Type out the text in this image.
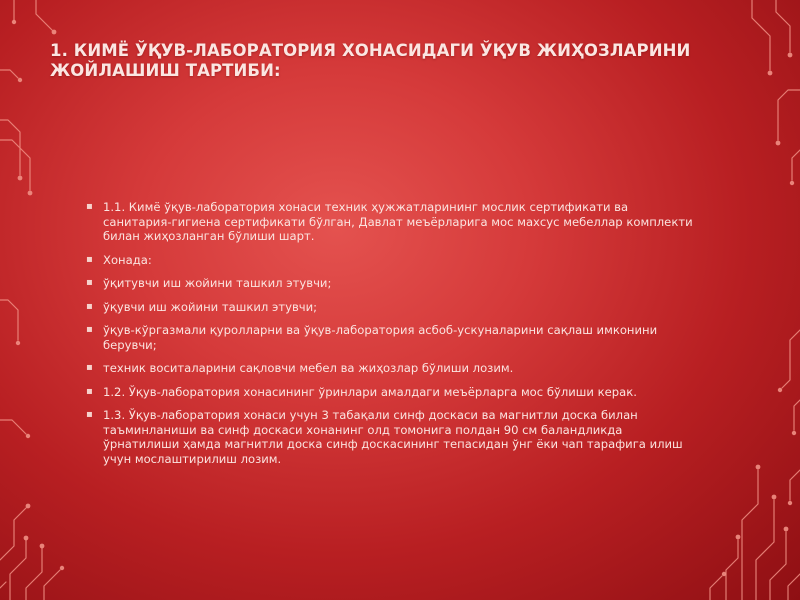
1. КИМЁ ЎҚУВ-ЛАБОРАТОРИЯ ХОНАСИДАГИ ЎҚУВ ЖИҲОЗЛАРИНИ ЖОЙЛАШИШ ТАРТИБИ:
▪ 1.1. Кимё ўқув-лаборатория хонаси техник ҳужжатларининг мослик сертификати ва санитария-гигиена сертификати бўлган, Давлат меъёрларига мос махсус мебеллар комплекти билан жиҳозланган бўлиши шарт.
▪ Хонада:
▪ ўқитувчи иш жойини ташкил этувчи;
▪ ўқувчи иш жойини ташкил этувчи;
▪ ўқув-кўргазмали қуролларни ва ўқув-лаборатория асбоб-ускуналарини сақлаш имконини берувчи;
▪ техник воситаларини сақловчи мебел ва жиҳозлар бўлиши лозим.
▪ 1.2. Ўқув-лаборатория хонасининг ўринлари амалдаги меъёрларга мос бўлиши керак.
▪ 1.3. Ўқув-лаборатория хонаси учун 3 табақали синф доскаси ва магнитли доска билан таъминланиши ва синф доскаси хонанинг олд томонига полдан 90 см баландликда ўрнатилиши ҳамда магнитли доска синф доскасининг тепасидан ўнг ёки чап тарафига илиш учун мослаштирилиш лозим.
